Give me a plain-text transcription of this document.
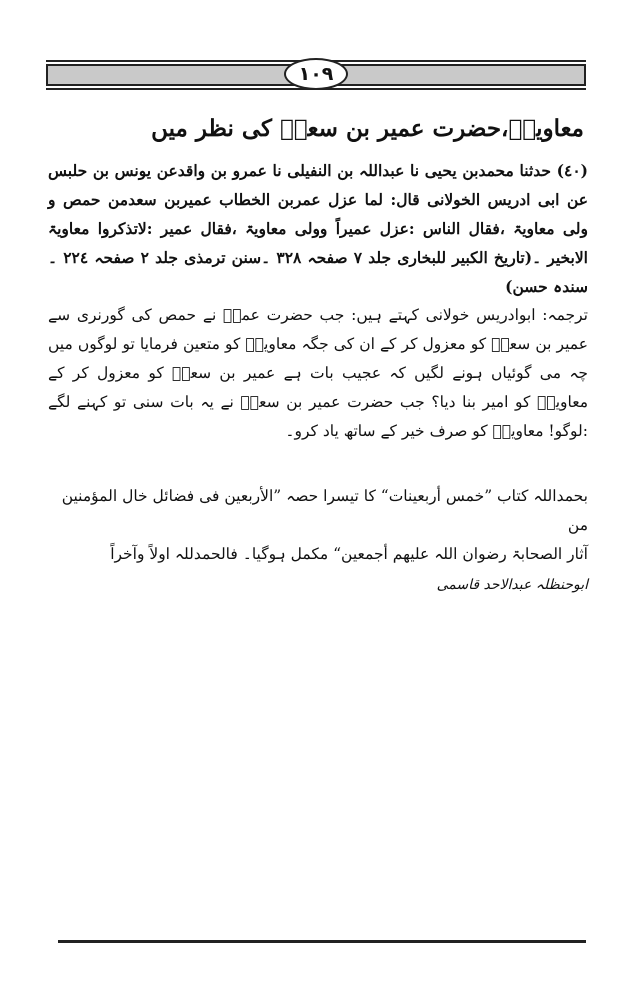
۱۰۹
معاویہؓ،حضرت عمیر بن سعدؓ کی نظر میں

(٤٠) حدثنا محمدبن یحیی نا عبداللہ بن النفیلی نا عمرو بن واقدعن یونس بن حلبس عن ابی ادریس الخولانی قال: لما عزل عمربن الخطاب عمیربن سعدمن حمص و ولی معاویۃ ،فقال الناس :عزل عمیراً وولی معاویۃ ،فقال عمیر :لاتذکروا معاویۃ الابخیر ۔(تاریخ الکبیر للبخاری جلد ٧ صفحہ ٣٢٨ ۔سنن ترمذی جلد ٢ صفحہ ٢٢٤ ۔سندہ حسن)

ترجمہ: ابوادریس خولانی کہتے ہیں: جب حضرت عمرؓ نے حمص کی گورنری سے عمیر بن سعدؓ کو معزول کر کے ان کی جگہ معاویہؓ کو متعین فرمایا تو لوگوں میں چہ می گوئیاں ہونے لگیں کہ عجیب بات ہے عمیر بن سعدؓ کو معزول کر کے معاویہؓ کو امیر بنا دیا؟ جب حضرت عمیر بن سعدؓ نے یہ بات سنی تو کہنے لگے :لوگو! معاویہؓ کو صرف خیر کے ساتھ یاد کرو۔

بحمداللہ کتاب ”خمس أربعینات“ کا تیسرا حصہ ”الأربعین فی فضائل خال المؤمنین من

آثار الصحابۃ رضوان اللہ علیھم أجمعین“ مکمل ہوگیا۔ فالحمدللہ اولاً وآخراً

ابوحنظلہ عبدالاحد قاسمی
